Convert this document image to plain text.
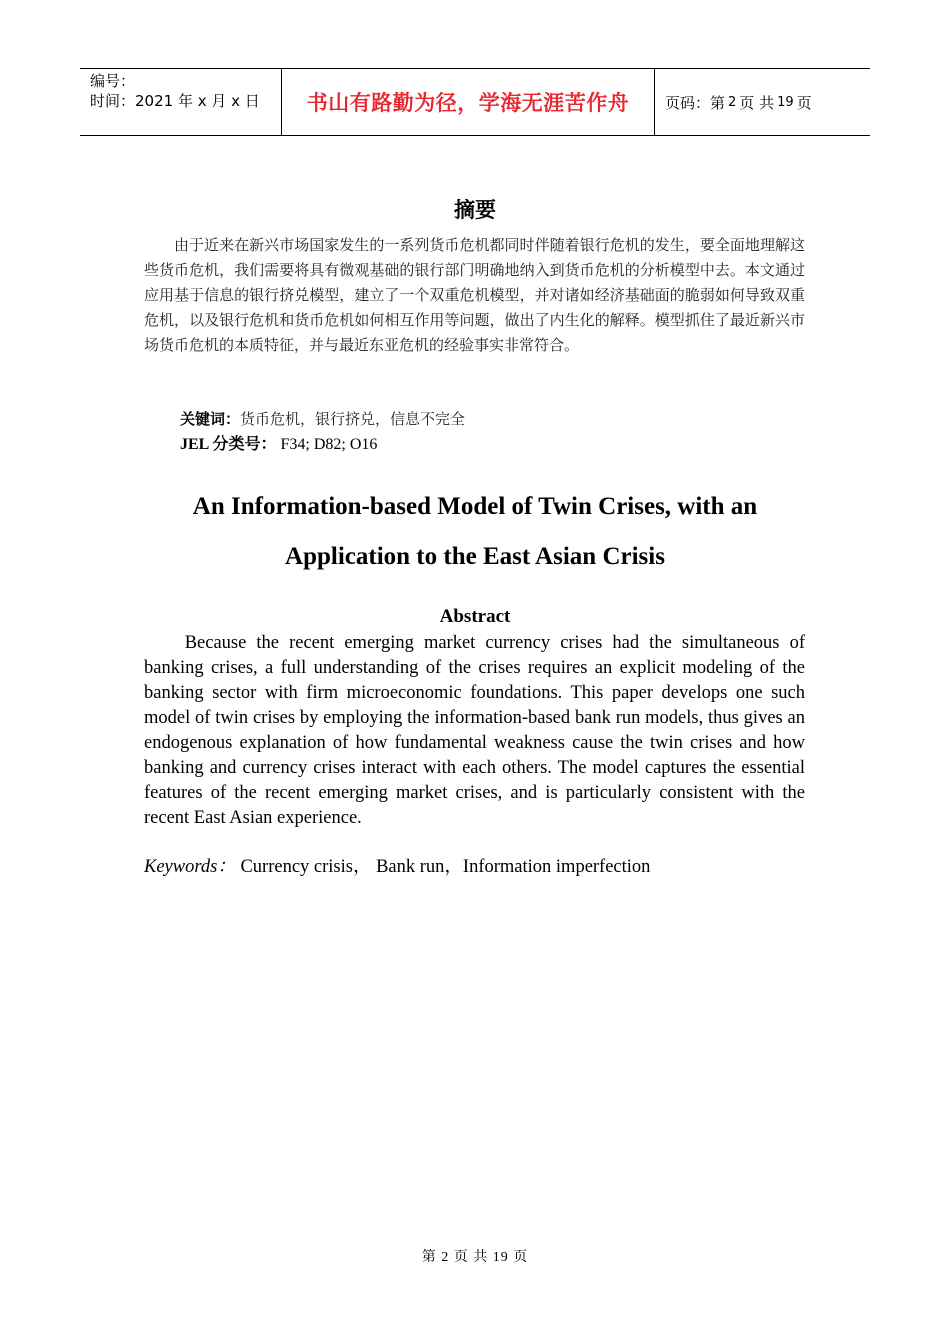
编号：
时间：2021 年 x 月 x 日	书山有路勤为径，学海无涯苦作舟 页码：第 2 页 共 19 页
摘要
由于近来在新兴市场国家发生的一系列货币危机都同时伴随着银行危机的发生，要全面地理解这些货币危机，我们需要将具有微观基础的银行部门明确地纳入到货币危机的分析模型中去。本文通过应用基于信息的银行挤兑模型，建立了一个双重危机模型，并对诸如经济基础面的脆弱如何导致双重危机，以及银行危机和货币危机如何相互作用等问题，做出了内生化的解释。模型抓住了最近新兴市场货币危机的本质特征，并与最近东亚危机的经验事实非常符合。
关键词：货币危机，银行挤兑，信息不完全
JEL 分类号： F34; D82; O16
An Information-based Model of Twin Crises, with an
Application to the East Asian Crisis
Abstract
Because the recent emerging market currency crises had the simultaneous of banking crises, a full understanding of the crises requires an explicit modeling of the banking sector with firm microeconomic foundations. This paper develops one such model of twin crises by employing the information-based bank run models, thus gives an endogenous explanation of how fundamental weakness cause the twin crises and how banking and currency crises interact with each others. The model captures the essential features of the recent emerging market crises, and is particularly consistent with the recent East Asian experience.
Keywords： Currency crisis， Bank run，Information imperfection
第 2 页 共 19 页
